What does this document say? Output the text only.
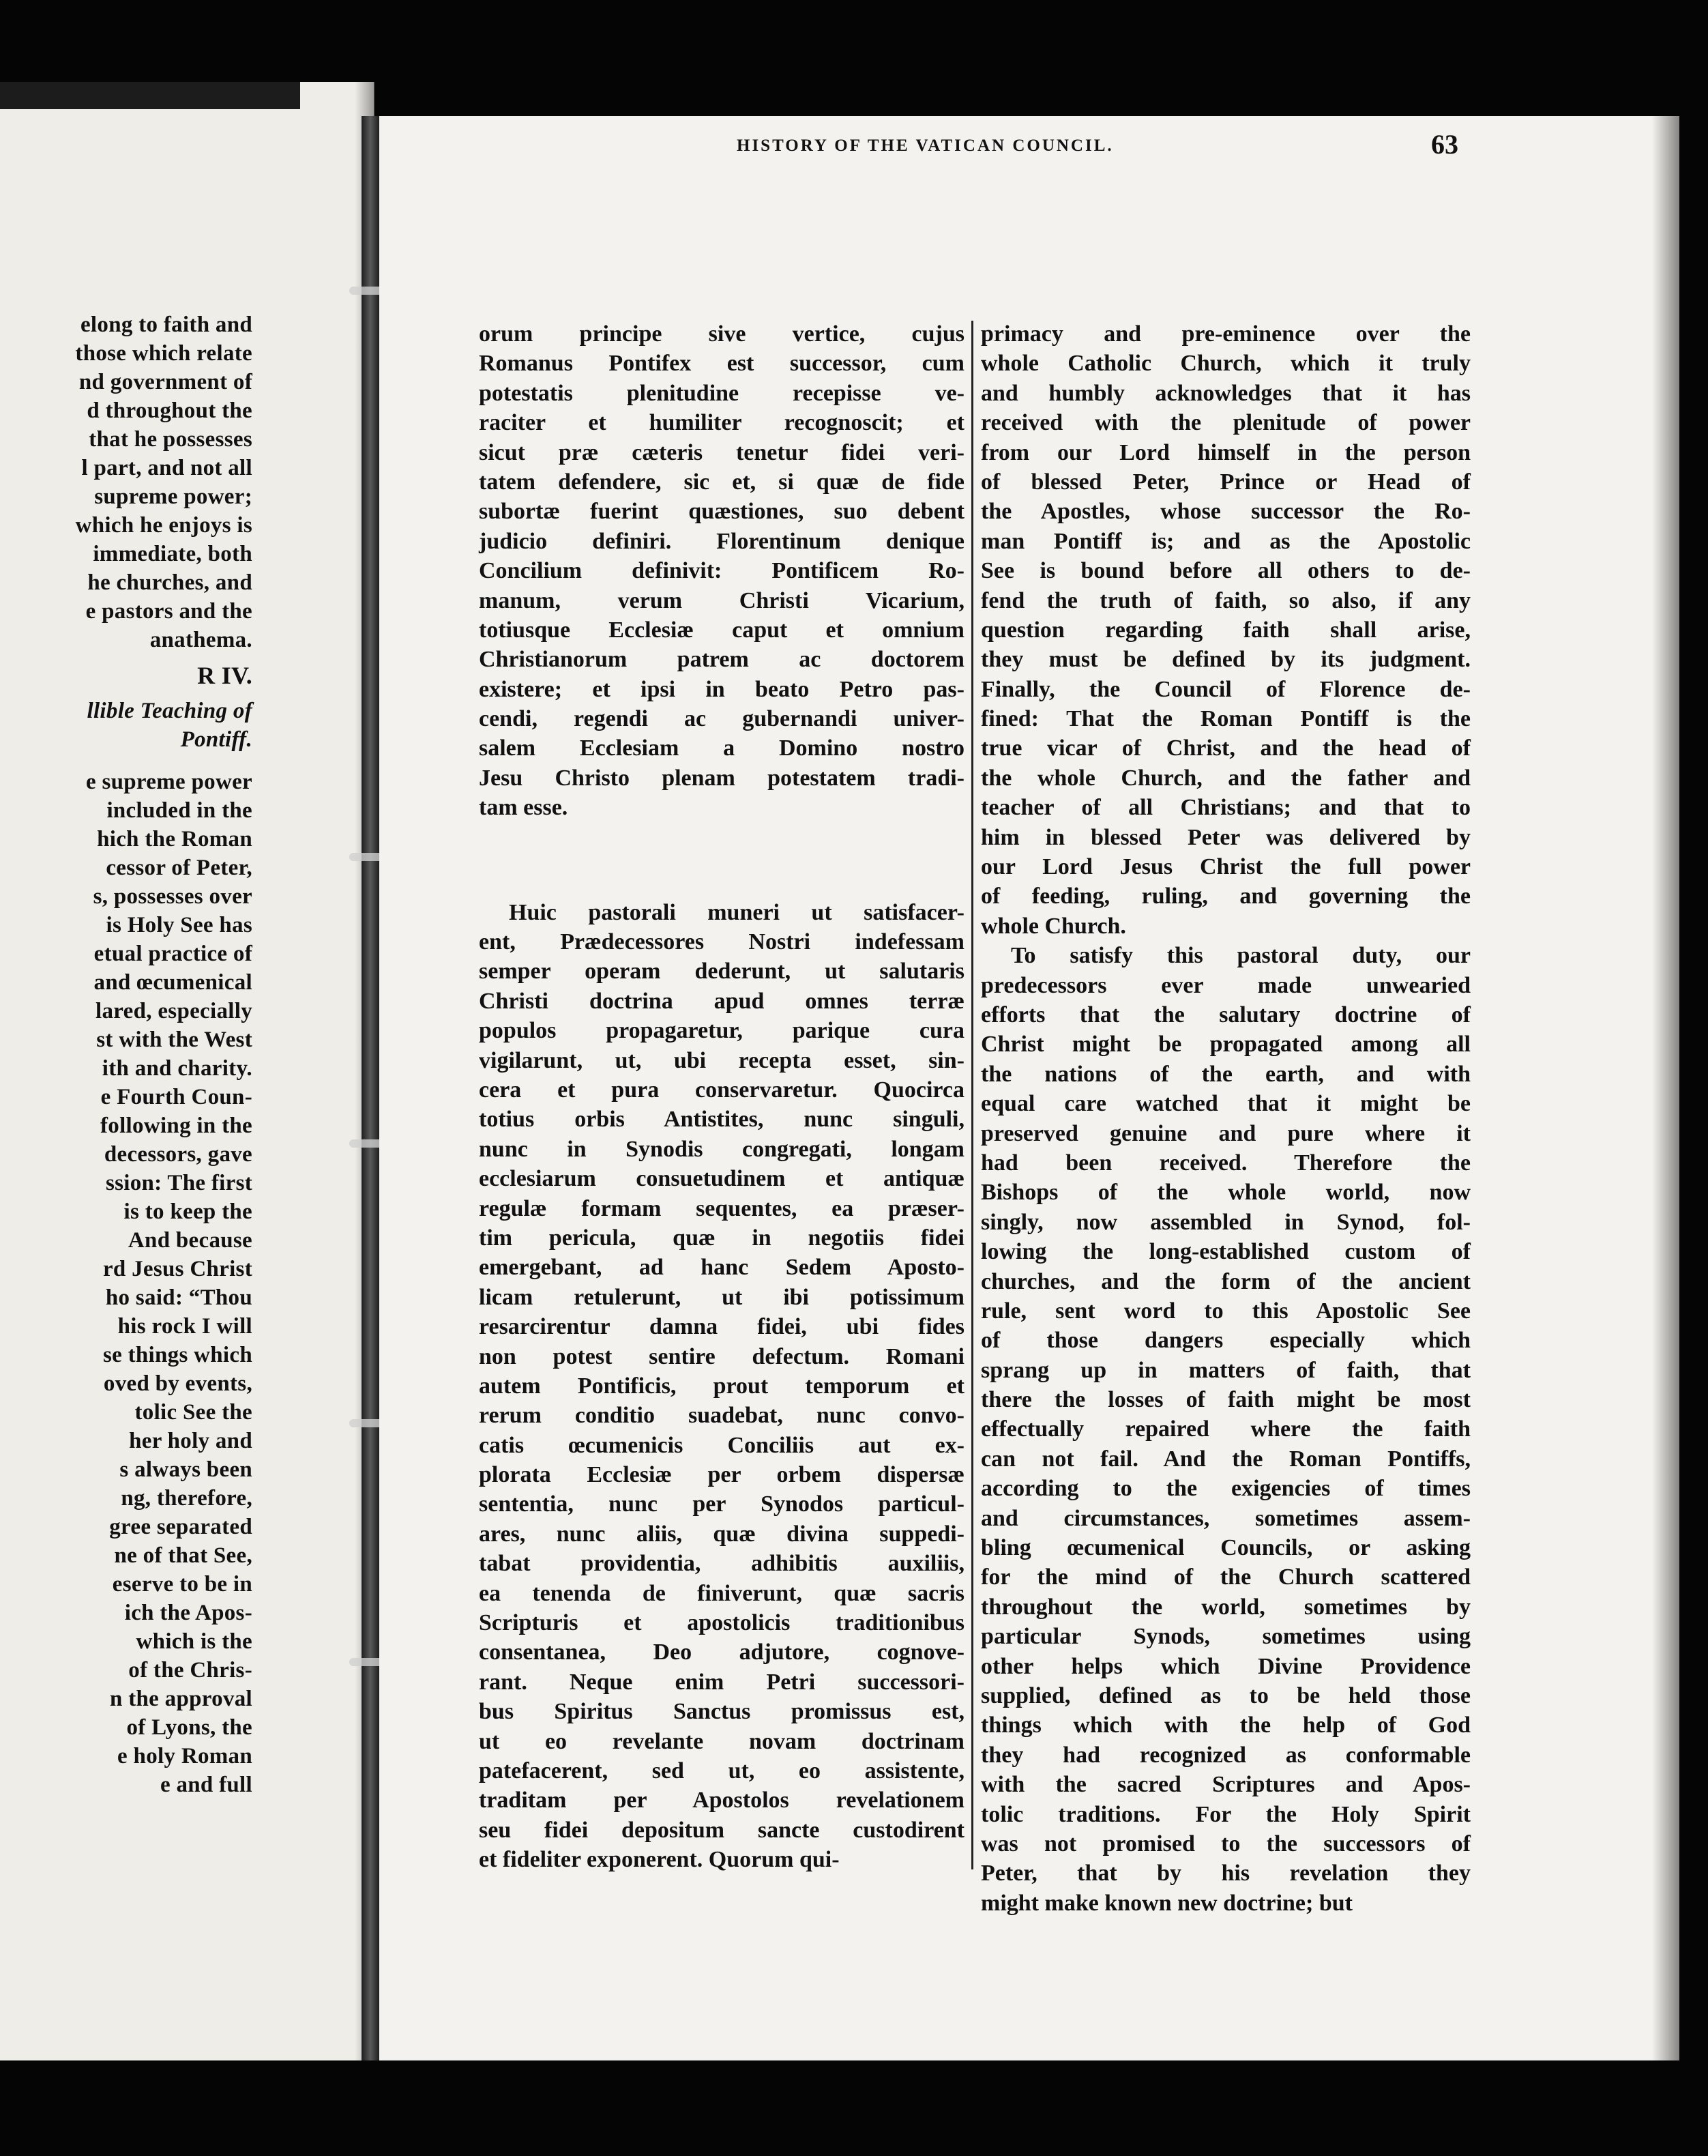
elong to faith and
those which relate
nd government of
d throughout the
that he possesses
l part, and not all
supreme power;
which he enjoys is
immediate, both
he churches, and
e pastors and the
anathema.
R IV.
llible Teaching of
Pontiff.
e supreme power
included in the
hich the Roman
cessor of Peter,
s, possesses over
is Holy See has
etual practice of
and œcumenical
lared, especially
st with the West
ith and charity.
e Fourth Coun-
following in the
decessors, gave
ssion: The first
is to keep the
And because
rd Jesus Christ
ho said: “Thou
his rock I will
se things which
oved by events,
tolic See the
her holy and
s always been
ng, therefore,
gree separated
ne of that See,
eserve to be in
ich the Apos-
which is the
of the Chris-
n the approval
of Lyons, the
e holy Roman
e and full
HISTORY OF THE VATICAN COUNCIL.	63
orum principe sive vertice, cujus
Romanus Pontifex est successor, cum
potestatis plenitudine recepisse ve-
raciter et humiliter recognoscit; et
sicut præ cæteris tenetur fidei veri-
tatem defendere, sic et, si quæ de fide
subortæ fuerint quæstiones, suo debent
judicio definiri. Florentinum denique
Concilium definivit: Pontificem Ro-
manum, verum Christi Vicarium,
totiusque Ecclesiæ caput et omnium
Christianorum patrem ac doctorem
existere; et ipsi in beato Petro pas-
cendi, regendi ac gubernandi univer-
salem Ecclesiam a Domino nostro
Jesu Christo plenam potestatem tradi-
tam esse.
Huic pastorali muneri ut satisfacer-
ent, Prædecessores Nostri indefessam
semper operam dederunt, ut salutaris
Christi doctrina apud omnes terræ
populos propagaretur, parique cura
vigilarunt, ut, ubi recepta esset, sin-
cera et pura conservaretur. Quocirca
totius orbis Antistites, nunc singuli,
nunc in Synodis congregati, longam
ecclesiarum consuetudinem et antiquæ
regulæ formam sequentes, ea præser-
tim pericula, quæ in negotiis fidei
emergebant, ad hanc Sedem Aposto-
licam retulerunt, ut ibi potissimum
resarcirentur damna fidei, ubi fides
non potest sentire defectum. Romani
autem Pontificis, prout temporum et
rerum conditio suadebat, nunc convo-
catis œcumenicis Conciliis aut ex-
plorata Ecclesiæ per orbem dispersæ
sententia, nunc per Synodos particul-
ares, nunc aliis, quæ divina suppedi-
tabat providentia, adhibitis auxiliis,
ea tenenda de finiverunt, quæ sacris
Scripturis et apostolicis traditionibus
consentanea, Deo adjutore, cognove-
rant. Neque enim Petri successori-
bus Spiritus Sanctus promissus est,
ut eo revelante novam doctrinam
patefacerent, sed ut, eo assistente,
traditam per Apostolos revelationem
seu fidei depositum sancte custodirent
et fideliter exponerent. Quorum qui-
primacy and pre-eminence over the
whole Catholic Church, which it truly
and humbly acknowledges that it has
received with the plenitude of power
from our Lord himself in the person
of blessed Peter, Prince or Head of
the Apostles, whose successor the Ro-
man Pontiff is; and as the Apostolic
See is bound before all others to de-
fend the truth of faith, so also, if any
question regarding faith shall arise,
they must be defined by its judgment.
Finally, the Council of Florence de-
fined: That the Roman Pontiff is the
true vicar of Christ, and the head of
the whole Church, and the father and
teacher of all Christians; and that to
him in blessed Peter was delivered by
our Lord Jesus Christ the full power
of feeding, ruling, and governing the
whole Church.
To satisfy this pastoral duty, our
predecessors ever made unwearied
efforts that the salutary doctrine of
Christ might be propagated among all
the nations of the earth, and with
equal care watched that it might be
preserved genuine and pure where it
had been received. Therefore the
Bishops of the whole world, now
singly, now assembled in Synod, fol-
lowing the long-established custom of
churches, and the form of the ancient
rule, sent word to this Apostolic See
of those dangers especially which
sprang up in matters of faith, that
there the losses of faith might be most
effectually repaired where the faith
can not fail. And the Roman Pontiffs,
according to the exigencies of times
and circumstances, sometimes assem-
bling œcumenical Councils, or asking
for the mind of the Church scattered
throughout the world, sometimes by
particular Synods, sometimes using
other helps which Divine Providence
supplied, defined as to be held those
things which with the help of God
they had recognized as conformable
with the sacred Scriptures and Apos-
tolic traditions. For the Holy Spirit
was not promised to the successors of
Peter, that by his revelation they
might make known new doctrine; but
